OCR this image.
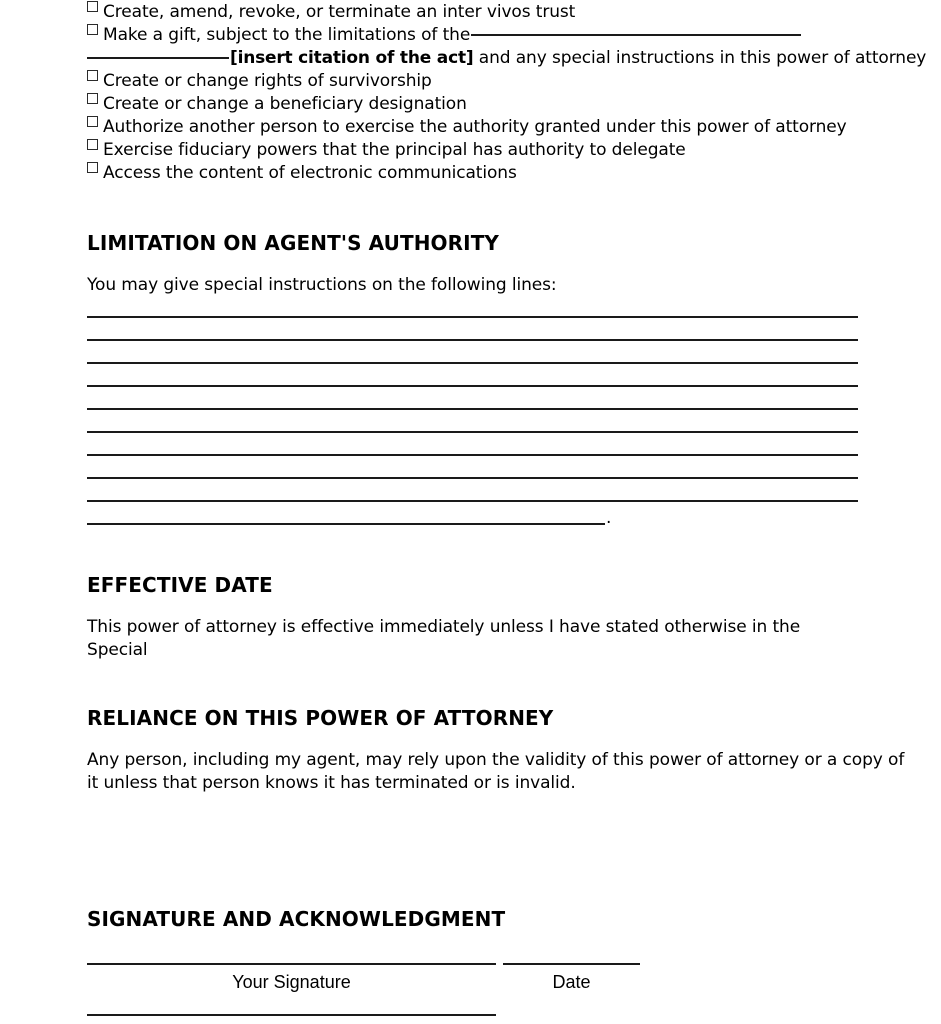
Create, amend, revoke, or terminate an inter vivos trust
Make a gift, subject to the limitations of the
[insert citation of the act] and any special instructions in this power of attorney
Create or change rights of survivorship
Create or change a beneficiary designation
Authorize another person to exercise the authority granted under this power of attorney
Exercise fiduciary powers that the principal has authority to delegate
Access the content of electronic communications
LIMITATION ON AGENT'S AUTHORITY
You may give special instructions on the following lines:
.
EFFECTIVE DATE
This power of attorney is effective immediately unless I have stated otherwise in the
Special
RELIANCE ON THIS POWER OF ATTORNEY
Any person, including my agent, may rely upon the validity of this power of attorney or a copy of
it unless that person knows it has terminated or is invalid.
SIGNATURE AND ACKNOWLEDGMENT
Your Signature	Date
